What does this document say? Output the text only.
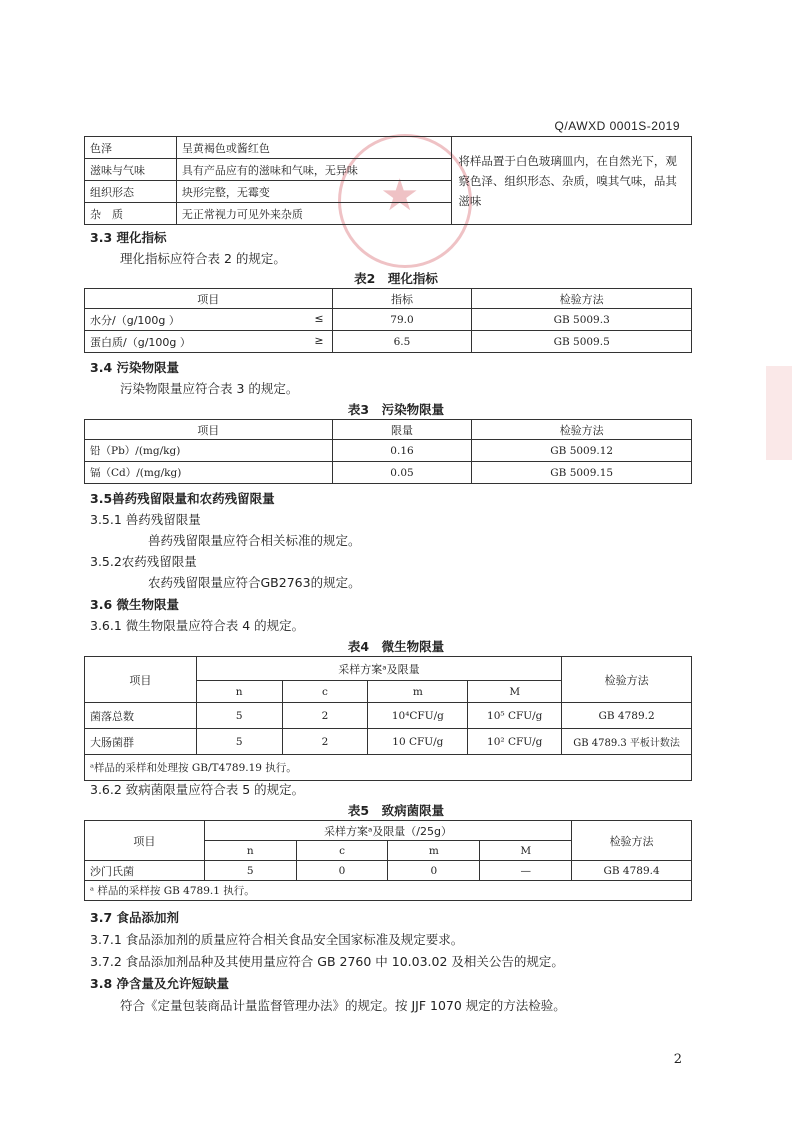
Q/AWXD 0001S-2019
★

色泽	呈黄褐色或酱红色	将样品置于白色玻璃皿内，在自然光下，观察色泽、组织形态、杂质，嗅其气味，品其滋味
滋味与气味	具有产品应有的滋味和气味，无异味	
组织形态	块形完整，无霉变	
杂　质	无正常视力可见外来杂质	
3.3 理化指标
理化指标应符合表 2 的规定。
表2　理化指标
项目	指标	检验方法
水分/（g/100g ） ≤	79.0	GB 5009.3
蛋白质/（g/100g ） ≥	6.5	GB 5009.5
3.4 污染物限量
污染物限量应符合表 3 的规定。
表3　污染物限量
项目	限量	检验方法
铅（Pb）/(mg/kg)	0.16	GB 5009.12
镉（Cd）/(mg/kg)	0.05	GB 5009.15
3.5兽药残留限量和农药残留限量
3.5.1 兽药残留限量
兽药残留限量应符合相关标准的规定。
3.5.2农药残留限量
农药残留限量应符合GB2763的规定。
3.6 微生物限量
3.6.1 微生物限量应符合表 4 的规定。
表4　微生物限量
项目	采样方案ᵃ及限量				检验方法
	n	c	m	M	
菌落总数	5	2	10⁴CFU/g	10⁵ CFU/g	GB 4789.2
大肠菌群	5	2	10 CFU/g	10² CFU/g	GB 4789.3 平板计数法
ᵃ样品的采样和处理按 GB/T4789.19 执行。					
3.6.2 致病菌限量应符合表 5 的规定。
表5　致病菌限量
项目	采样方案ᵃ及限量（/25g）				检验方法
	n	c	m	M	
沙门氏菌	5	0	0	—	GB 4789.4
ᵃ 样品的采样按 GB 4789.1 执行。					
3.7 食品添加剂
3.7.1 食品添加剂的质量应符合相关食品安全国家标准及规定要求。
3.7.2 食品添加剂品种及其使用量应符合 GB 2760 中 10.03.02 及相关公告的规定。
3.8 净含量及允许短缺量
符合《定量包装商品计量监督管理办法》的规定。按 JJF 1070 规定的方法检验。
2
